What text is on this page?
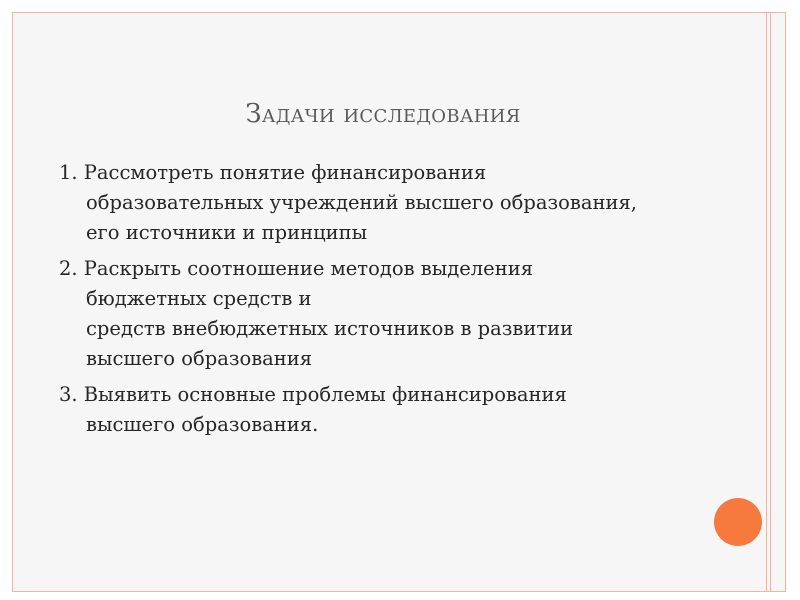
Задачи исследования
1. Рассмотреть понятие финансирования
образовательных учреждений высшего образования,
его источники и принципы
2. Раскрыть соотношение методов выделения
бюджетных средств и
средств внебюджетных источников в развитии
высшего образования
3. Выявить основные проблемы финансирования
высшего образования.
